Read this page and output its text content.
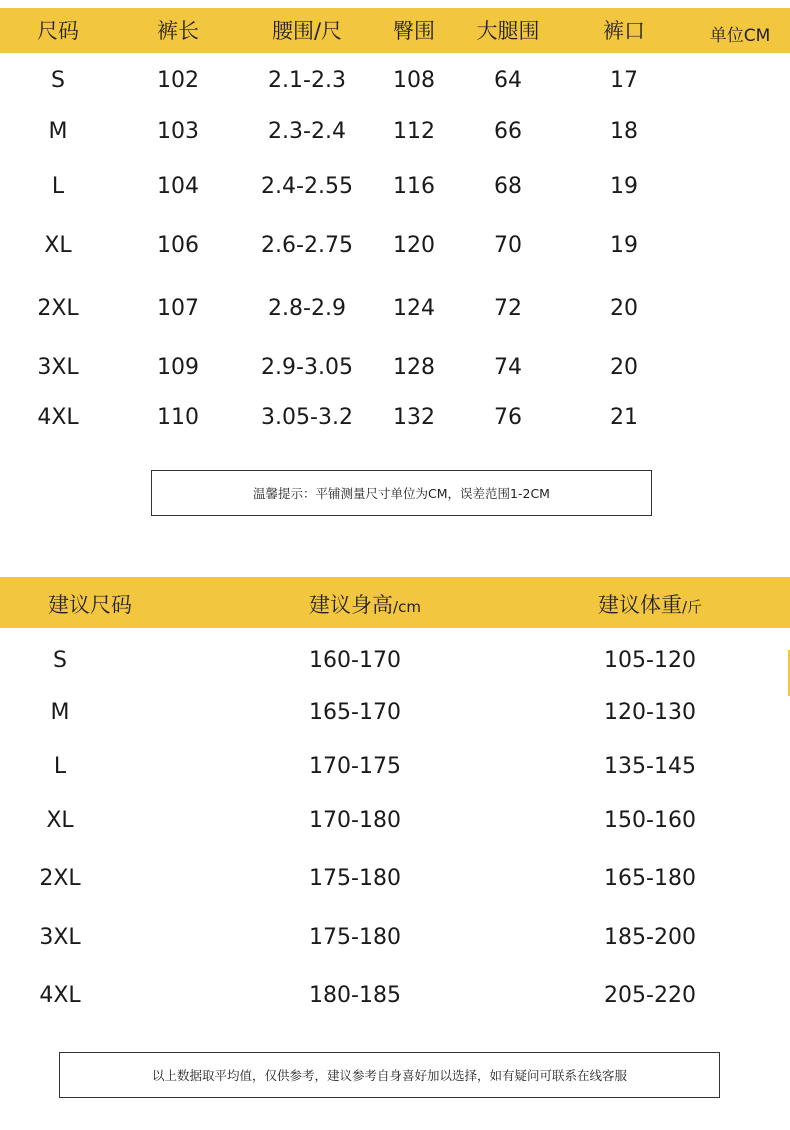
尺码	裤长	腰围/尺 臀围 大腿围	裤口	单位CM
S	102	2.1-2.3 108	64	17
M	103	2.3-2.4 112	66	18
L	104	2.4-2.55 116	68	19
XL	106	2.6-2.75 120	70	19
2XL	107	2.8-2.9 124	72	20
3XL	109	2.9-3.05 128	74	20
4XL	110	3.05-3.2 132	76	21
温馨提示：平铺测量尺寸单位为CM，误差范围1-2CM
建议尺码	建议身高/cm	建议体重/斤
S	160-170	105-120
M	165-170	120-130
L	170-175	135-145
XL	170-180	150-160
2XL	175-180	165-180
3XL	175-180	185-200
4XL	180-185	205-220
以上数据取平均值，仅供参考，建议参考自身喜好加以选择，如有疑问可联系在线客服
